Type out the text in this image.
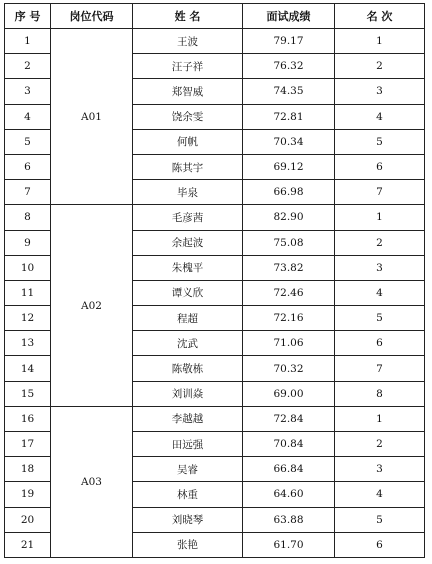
序 号	岗位代码	姓 名	面试成绩	名 次
1	A01	王波	79.17	1
2		汪子祥	76.32	2
3		郑智威	74.35	3
4		饶余雯	72.81	4
5		何帆	70.34	5
6		陈其宇	69.12	6
7		毕泉	66.98	7
8	A02	毛彦茜	82.90	1
9		余起波	75.08	2
10		朱槐平	73.82	3
11		谭义欣	72.46	4
12		程超	72.16	5
13		沈武	71.06	6
14		陈敬栋	70.32	7
15		刘训焱	69.00	8
16	A03	李越越	72.84	1
17		田远强	70.84	2
18		吴睿	66.84	3
19		林重	64.60	4
20		刘晓琴	63.88	5
21		张艳	61.70	6
